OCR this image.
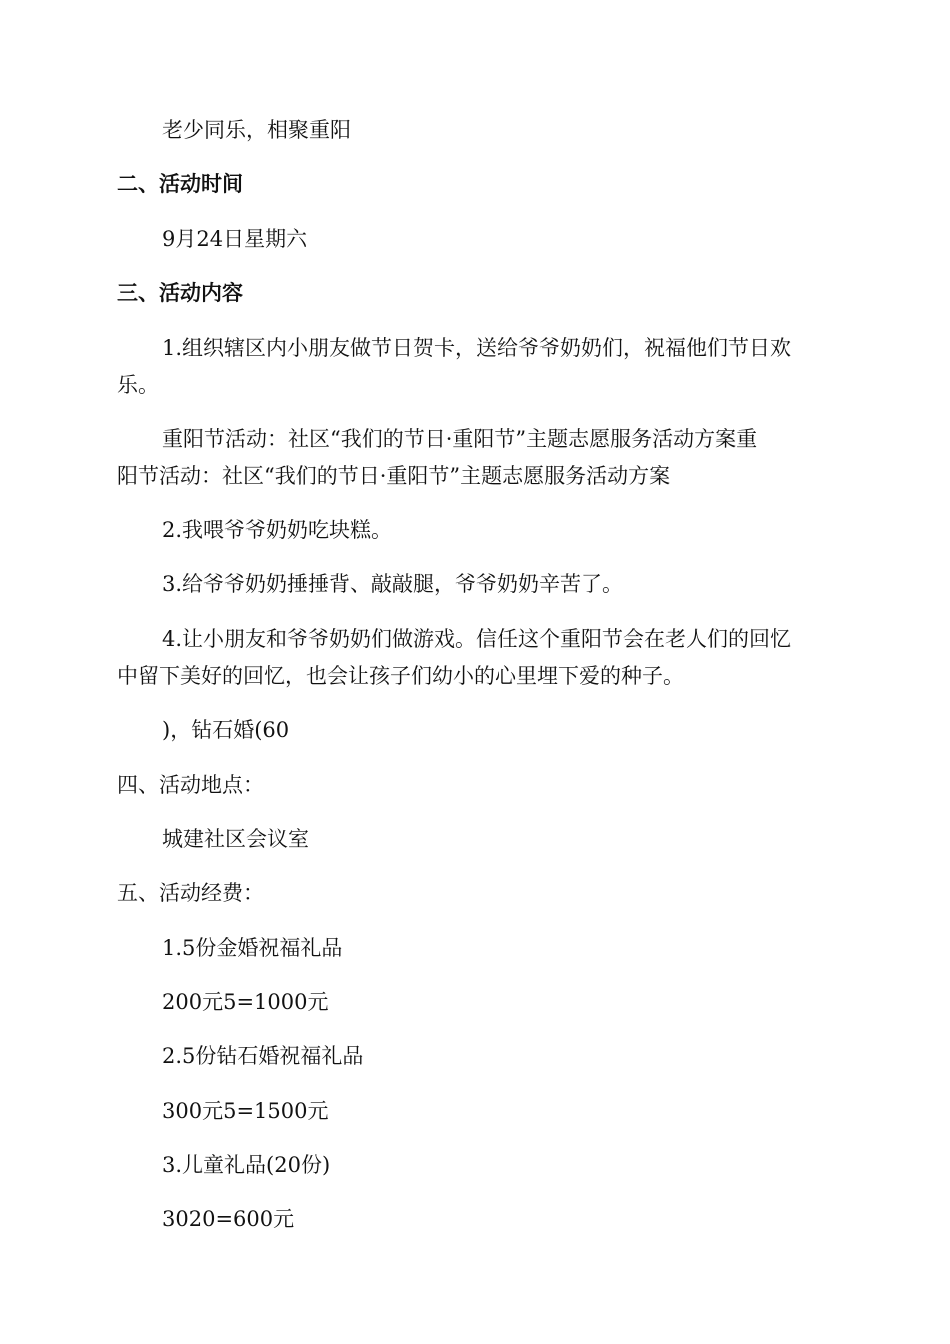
老少同乐，相聚重阳
二、活动时间
9月24日星期六
三、活动内容
1.组织辖区内小朋友做节日贺卡，送给爷爷奶奶们，祝福他们节日欢
乐。
重阳节活动：社区“我们的节日·重阳节”主题志愿服务活动方案重
阳节活动：社区“我们的节日·重阳节”主题志愿服务活动方案
2.我喂爷爷奶奶吃块糕。
3.给爷爷奶奶捶捶背、敲敲腿，爷爷奶奶辛苦了。
4.让小朋友和爷爷奶奶们做游戏。信任这个重阳节会在老人们的回忆
中留下美好的回忆，也会让孩子们幼小的心里埋下爱的种子。
)，钻石婚(60
四、活动地点：
城建社区会议室
五、活动经费：
1.5份金婚祝福礼品
200元5=1000元
2.5份钻石婚祝福礼品
300元5=1500元
3.儿童礼品(20份)
3020=600元
